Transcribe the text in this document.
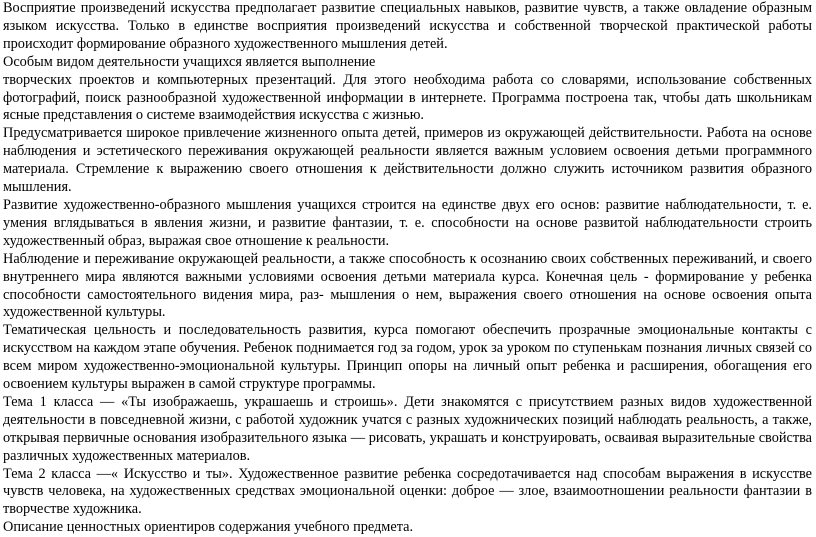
Восприятие произведений искусства предполагает развитие специальных навыков, развитие чувств, а также овладение образным языком искусства. Только в единстве восприятия произведений искусства и собственной творческой практической работы происходит формирование образного художественного мышления детей.

Особым видом деятельности учащихся является выполнение

творческих проектов и компьютерных презентаций. Для этого необходима работа со словарями, использование собственных фотографий, поиск разнообразной художественной информации в интернете. Программа построена так, чтобы дать школьникам ясные представления о системе взаимодействия искусства с жизнью.

Предусматривается широкое привлечение жизненного опыта детей, примеров из окружающей действительности. Работа на основе наблюдения и эстетического переживания окружающей реальности является важным условием освоения детьми программного материала. Стремление к выражению своего отношения к действительности должно служить источником развития образного мышления.

Развитие художественно-образного мышления учащихся строится на единстве двух его основ: развитие наблюдательности, т. е. умения вглядываться в явления жизни, и развитие фантазии, т. е. способности на основе развитой наблюдательности строить художественный образ, выражая свое отношение к реальности.

Наблюдение и переживание окружающей реальности, а также способность к осознанию своих собственных переживаний, и своего внутреннего мира являются важными условиями освоения детьми материала курса. Конечная цель - формирование у ребенка способности самостоятельного видения мира, раз- мышления о нем, выражения своего отношения на основе освоения опыта художественной культуры.

Тематическая цельность и последовательность развития, курса помогают обеспечить прозрачные эмоциональные контакты с искусством на каждом этапе обучения. Ребенок поднимается год за годом, урок за уроком по ступенькам познания личных связей со всем миром художественно-эмоциональной культуры. Принцип опоры на личный опыт ребенка и расширения, обогащения его освоением культуры выражен в самой структуре программы.

Тема 1 класса — «Ты изображаешь, украшаешь и строишь». Дети знакомятся с присутствием разных видов художественной деятельности в повседневной жизни, с работой художник учатся с разных художнических позиций наблюдать реальность, а также, открывая первичные основания изобразительного языка — рисовать, украшать и конструировать, осваивая выразительные свойства различных художественных материалов.

Тема 2 класса —« Искусство и ты». Художественное развитие ребенка сосредотачивается над способам выражения в искусстве чувств человека, на художественных средствах эмоциональной оценки: доброе — злое, взаимоотношении реальности фантазии в творчестве художника.

Описание ценностных ориентиров содержания учебного предмета.
